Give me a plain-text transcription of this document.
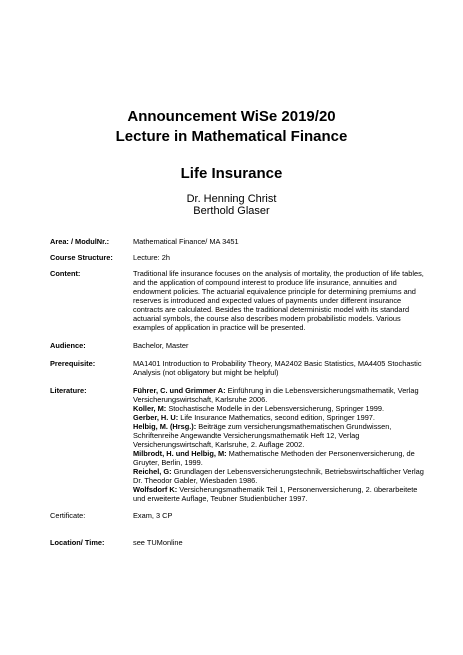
Announcement WiSe 2019/20
Lecture in Mathematical Finance
Life Insurance
Dr. Henning Christ
Berthold Glaser
Area: / ModulNr.:	Mathematical Finance/ MA 3451
Course Structure:	Lecture: 2h
Content:	Traditional life insurance focuses on the analysis of mortality, the production of life tables, and the application of compound interest to produce life insurance, annuities and endowment policies. The actuarial equivalence principle for determining premiums and reserves is introduced and expected values of payments under different insurance contracts are calculated. Besides the traditional deterministic model with its standard actuarial symbols, the course also describes modern probabilistic models. Various examples of application in practice will be presented.
Audience:	Bachelor, Master
Prerequisite:	MA1401 Introduction to Probability Theory, MA2402 Basic Statistics, MA4405 Stochastic Analysis (not obligatory but might be helpful)
Literature:	Führer, C. und Grimmer A: Einführung in die Lebensversicherungsmathematik, Verlag Versicherungswirtschaft, Karlsruhe 2006.

Koller, M: Stochastische Modelle in der Lebensversicherung, Springer 1999.

Gerber, H. U: Life Insurance Mathematics, second edition, Springer 1997.

Helbig, M. (Hrsg.): Beiträge zum versicherungsmathematischen Grundwissen, Schriftenreihe Angewandte Versicherungsmathematik Heft 12, Verlag Versicherungswirtschaft, Karlsruhe, 2. Auflage 2002.

Milbrodt, H. und Helbig, M: Mathematische Methoden der Personenversicherung, de Gruyter, Berlin, 1999.

Reichel, G: Grundlagen der Lebensversicherungstechnik, Betriebswirtschaftlicher Verlag Dr. Theodor Gabler, Wiesbaden 1986.

Wolfsdorf K: Versicherungsmathematik Teil 1, Personenversicherung, 2. überarbeitete und erweiterte Auflage, Teubner Studienbücher 1997.

Certificate:	Exam, 3 CP
Location/ Time:	see TUMonline
